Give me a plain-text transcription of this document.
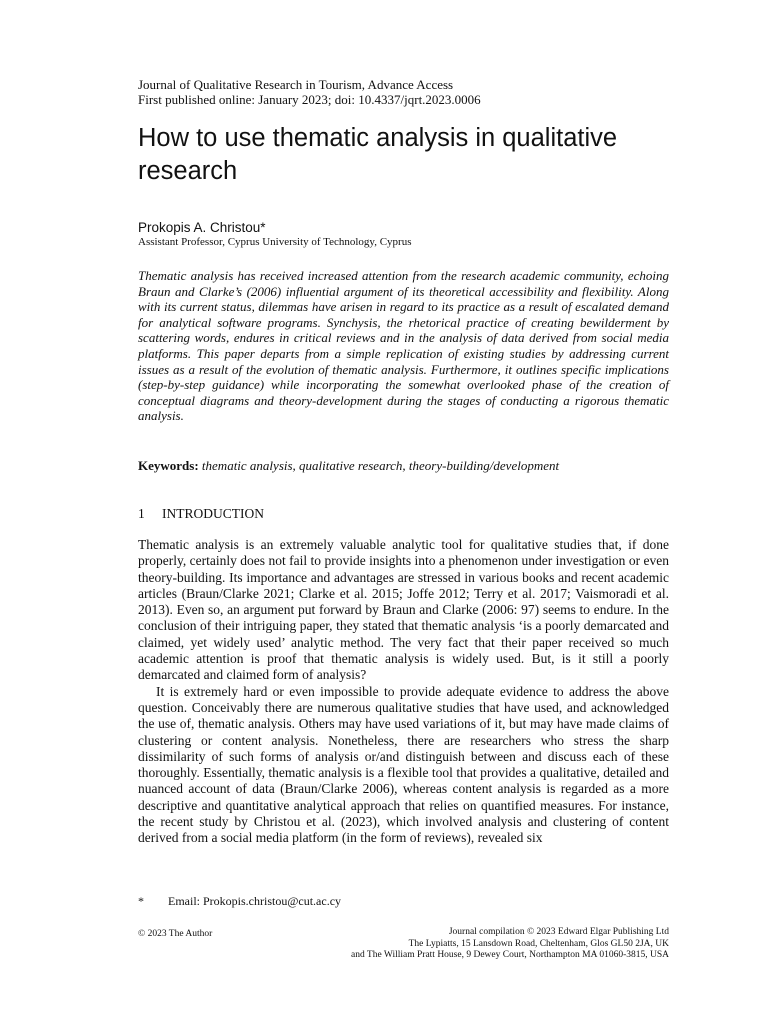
Journal of Qualitative Research in Tourism, Advance Access
First published online: January 2023; doi: 10.4337/jqrt.2023.0006
How to use thematic analysis in qualitative research
Prokopis A. Christou*
Assistant Professor, Cyprus University of Technology, Cyprus

Thematic analysis has received increased attention from the research academic community, echoing Braun and Clarke’s (2006) influential argument of its theoretical accessibility and flexibility. Along with its current status, dilemmas have arisen in regard to its practice as a result of escalated demand for analytical software programs. Synchysis, the rhetorical practice of creating bewilderment by scattering words, endures in critical reviews and in the analysis of data derived from social media platforms. This paper departs from a simple replication of existing studies by addressing current issues as a result of the evolution of thematic analysis. Furthermore, it outlines specific implications (step-by-step guidance) while incorporating the somewhat overlooked phase of the creation of conceptual diagrams and theory-development during the stages of conducting a rigorous thematic analysis.

Keywords: thematic analysis, qualitative research, theory-building/development
1 INTRODUCTION

Thematic analysis is an extremely valuable analytic tool for qualitative studies that, if done properly, certainly does not fail to provide insights into a phenomenon under investigation or even theory-building. Its importance and advantages are stressed in various books and recent academic articles (Braun/Clarke 2021; Clarke et al. 2015; Joffe 2012; Terry et al. 2017; Vaismoradi et al. 2013). Even so, an argument put forward by Braun and Clarke (2006: 97) seems to endure. In the conclusion of their intriguing paper, they stated that thematic analysis ‘is a poorly demarcated and claimed, yet widely used’ analytic method. The very fact that their paper received so much academic attention is proof that thematic analysis is widely used. But, is it still a poorly demarcated and claimed form of analysis?

It is extremely hard or even impossible to provide adequate evidence to address the above question. Conceivably there are numerous qualitative studies that have used, and acknowledged the use of, thematic analysis. Others may have used variations of it, but may have made claims of clustering or content analysis. Nonetheless, there are researchers who stress the sharp dissimilarity of such forms of analysis or/and distinguish between and discuss each of these thoroughly. Essentially, thematic analysis is a flexible tool that provides a qualitative, detailed and nuanced account of data (Braun/Clarke 2006), whereas content analysis is regarded as a more descriptive and quantitative analytical approach that relies on quantified measures. For instance, the recent study by Christou et al. (2023), which involved analysis and clustering of content derived from a social media platform (in the form of reviews), revealed six

* Email: Prokopis.christou@cut.ac.cy
© 2023 The Author	Journal compilation © 2023 Edward Elgar Publishing Ltd
The Lypiatts, 15 Lansdown Road, Cheltenham, Glos GL50 2JA, UK
and The William Pratt House, 9 Dewey Court, Northampton MA 01060-3815, USA
